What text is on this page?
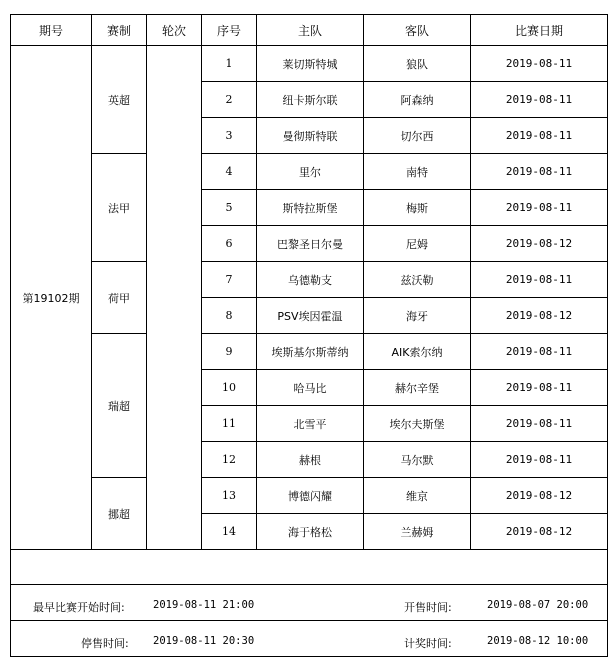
期号	赛制	轮次	序号	主队	客队	比赛日期
第19102期	英超		1	莱切斯特城	狼队	2019-08-11
			2	纽卡斯尔联	阿森纳	2019-08-11
			3	曼彻斯特联	切尔西	2019-08-11
	法甲		4	里尔	南特	2019-08-11
			5	斯特拉斯堡	梅斯	2019-08-11
			6	巴黎圣日尔曼	尼姆	2019-08-12
	荷甲		7	乌德勒支	兹沃勒	2019-08-11
			8	PSV埃因霍温	海牙	2019-08-12
	瑞超		9	埃斯基尔斯蒂纳	AIK索尔纳	2019-08-11
			10	哈马比	赫尔辛堡	2019-08-11
			11	北雪平	埃尔夫斯堡	2019-08-11
			12	赫根	马尔默	2019-08-11
	挪超		13	博德闪耀	维京	2019-08-12
			14	海于格松	兰赫姆	2019-08-12

最早比赛开始时间: 2019-08-11 21:00 开售时间: 2019-08-07 20:00						

停售时间: 2019-08-11 20:30 计奖时间: 2019-08-12 10:00						
